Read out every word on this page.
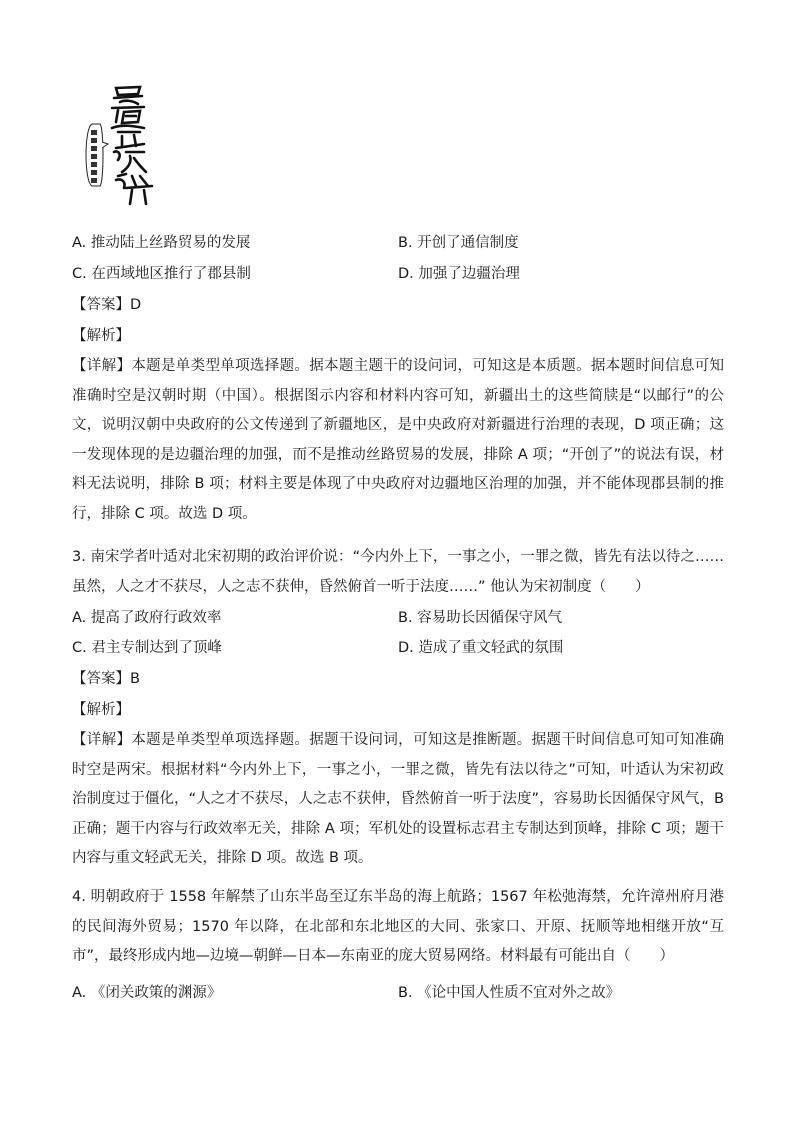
A. 推动陆上丝路贸易的发展	B. 开创了通信制度
C. 在西域地区推行了郡县制	D. 加强了边疆治理
【答案】D
【解析】
【详解】本题是单类型单项选择题。据本题主题干的设问词，可知这是本质题。据本题时间信息可知准确时空是汉朝时期（中国）。根据图示内容和材料内容可知，新疆出土的这些简牍是“以邮行”的公文，说明汉朝中央政府的公文传递到了新疆地区，是中央政府对新疆进行治理的表现，D 项正确；这一发现体现的是边疆治理的加强，而不是推动丝路贸易的发展，排除 A 项；“开创了”的说法有误，材料无法说明，排除 B 项；材料主要是体现了中央政府对边疆地区治理的加强，并不能体现郡县制的推行，排除 C 项。故选 D 项。
3. 南宋学者叶适对北宋初期的政治评价说：“今内外上下，一事之小，一罪之微，皆先有法以待之……虽然，人之才不获尽，人之志不获伸，昏然俯首一听于法度……” 他认为宋初制度（　　）
A. 提高了政府行政效率	B. 容易助长因循保守风气
C. 君主专制达到了顶峰	D. 造成了重文轻武的氛围
【答案】B
【解析】
【详解】本题是单类型单项选择题。据题干设问词，可知这是推断题。据题干时间信息可知可知准确时空是两宋。根据材料“今内外上下，一事之小，一罪之微，皆先有法以待之”可知，叶适认为宋初政治制度过于僵化，“人之才不获尽，人之志不获伸，昏然俯首一听于法度”，容易助长因循保守风气，B 正确；题干内容与行政效率无关，排除 A 项；军机处的设置标志君主专制达到顶峰，排除 C 项；题干内容与重文轻武无关，排除 D 项。故选 B 项。
4. 明朝政府于 1558 年解禁了山东半岛至辽东半岛的海上航路；1567 年松弛海禁，允许漳州府月港的民间海外贸易；1570 年以降，在北部和东北地区的大同、张家口、开原、抚顺等地相继开放“互市”，最终形成内地—边境—朝鲜—日本—东南亚的庞大贸易网络。材料最有可能出自（　　）
A. 《闭关政策的渊源》	B. 《论中国人性质不宜对外之故》
